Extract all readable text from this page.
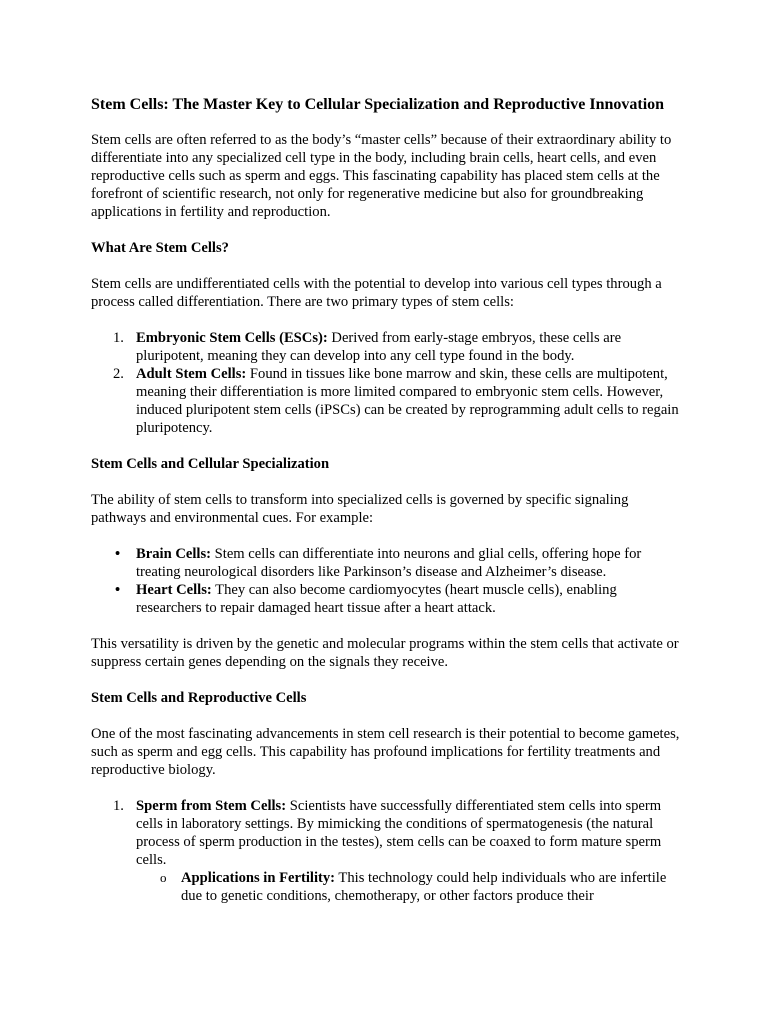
Stem Cells: The Master Key to Cellular Specialization and Reproductive Innovation

Stem cells are often referred to as the body’s “master cells” because of their extraordinary ability to differentiate into any specialized cell type in the body, including brain cells, heart cells, and even reproductive cells such as sperm and eggs. This fascinating capability has placed stem cells at the forefront of scientific research, not only for regenerative medicine but also for groundbreaking applications in fertility and reproduction.

What Are Stem Cells?

Stem cells are undifferentiated cells with the potential to develop into various cell types through a process called differentiation. There are two primary types of stem cells:

1. Embryonic Stem Cells (ESCs): Derived from early-stage embryos, these cells are pluripotent, meaning they can develop into any cell type found in the body.
2. Adult Stem Cells: Found in tissues like bone marrow and skin, these cells are multipotent, meaning their differentiation is more limited compared to embryonic stem cells. However, induced pluripotent stem cells (iPSCs) can be created by reprogramming adult cells to regain pluripotency.
Stem Cells and Cellular Specialization

The ability of stem cells to transform into specialized cells is governed by specific signaling pathways and environmental cues. For example:

• Brain Cells: Stem cells can differentiate into neurons and glial cells, offering hope for treating neurological disorders like Parkinson’s disease and Alzheimer’s disease.
• Heart Cells: They can also become cardiomyocytes (heart muscle cells), enabling researchers to repair damaged heart tissue after a heart attack.

This versatility is driven by the genetic and molecular programs within the stem cells that activate or suppress certain genes depending on the signals they receive.

Stem Cells and Reproductive Cells

One of the most fascinating advancements in stem cell research is their potential to become gametes, such as sperm and egg cells. This capability has profound implications for fertility treatments and reproductive biology.

1. Sperm from Stem Cells: Scientists have successfully differentiated stem cells into sperm cells in laboratory settings. By mimicking the conditions of spermatogenesis (the natural process of sperm production in the testes), stem cells can be coaxed to form mature sperm cells.
o Applications in Fertility: This technology could help individuals who are infertile due to genetic conditions, chemotherapy, or other factors produce their
